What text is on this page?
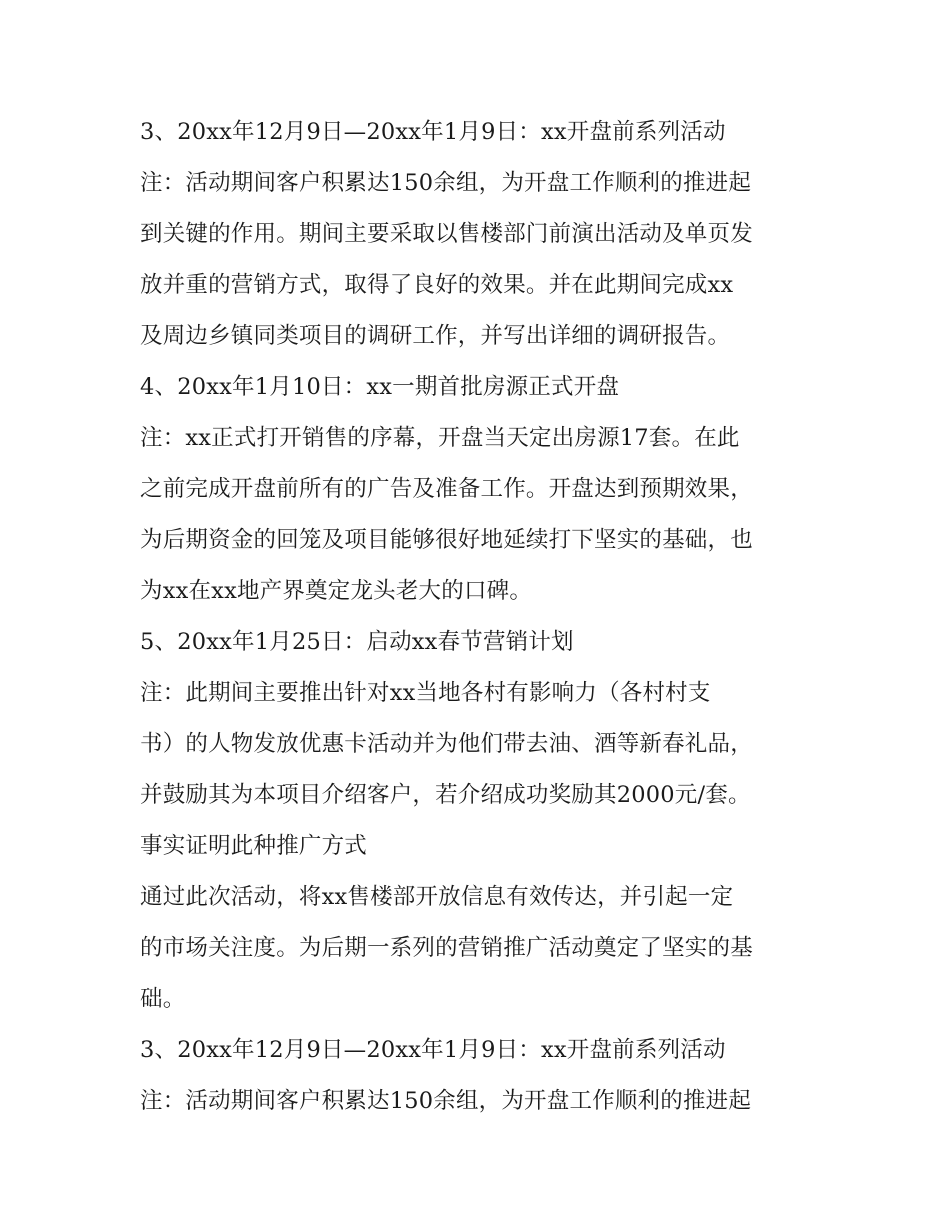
3、20xx年12月9日—20xx年1月9日：xx开盘前系列活动
注：活动期间客户积累达150余组，为开盘工作顺利的推进起
到关键的作用。期间主要采取以售楼部门前演出活动及单页发
放并重的营销方式，取得了良好的效果。并在此期间完成xx
及周边乡镇同类项目的调研工作，并写出详细的调研报告。
4、20xx年1月10日：xx一期首批房源正式开盘
注：xx正式打开销售的序幕，开盘当天定出房源17套。在此
之前完成开盘前所有的广告及准备工作。开盘达到预期效果，
为后期资金的回笼及项目能够很好地延续打下坚实的基础，也
为xx在xx地产界奠定龙头老大的口碑。
5、20xx年1月25日：启动xx春节营销计划
注：此期间主要推出针对xx当地各村有影响力（各村村支
书）的人物发放优惠卡活动并为他们带去油、酒等新春礼品，
并鼓励其为本项目介绍客户，若介绍成功奖励其2000元/套。
事实证明此种推广方式
通过此次活动，将xx售楼部开放信息有效传达，并引起一定
的市场关注度。为后期一系列的营销推广活动奠定了坚实的基
础。
3、20xx年12月9日—20xx年1月9日：xx开盘前系列活动
注：活动期间客户积累达150余组，为开盘工作顺利的推进起
